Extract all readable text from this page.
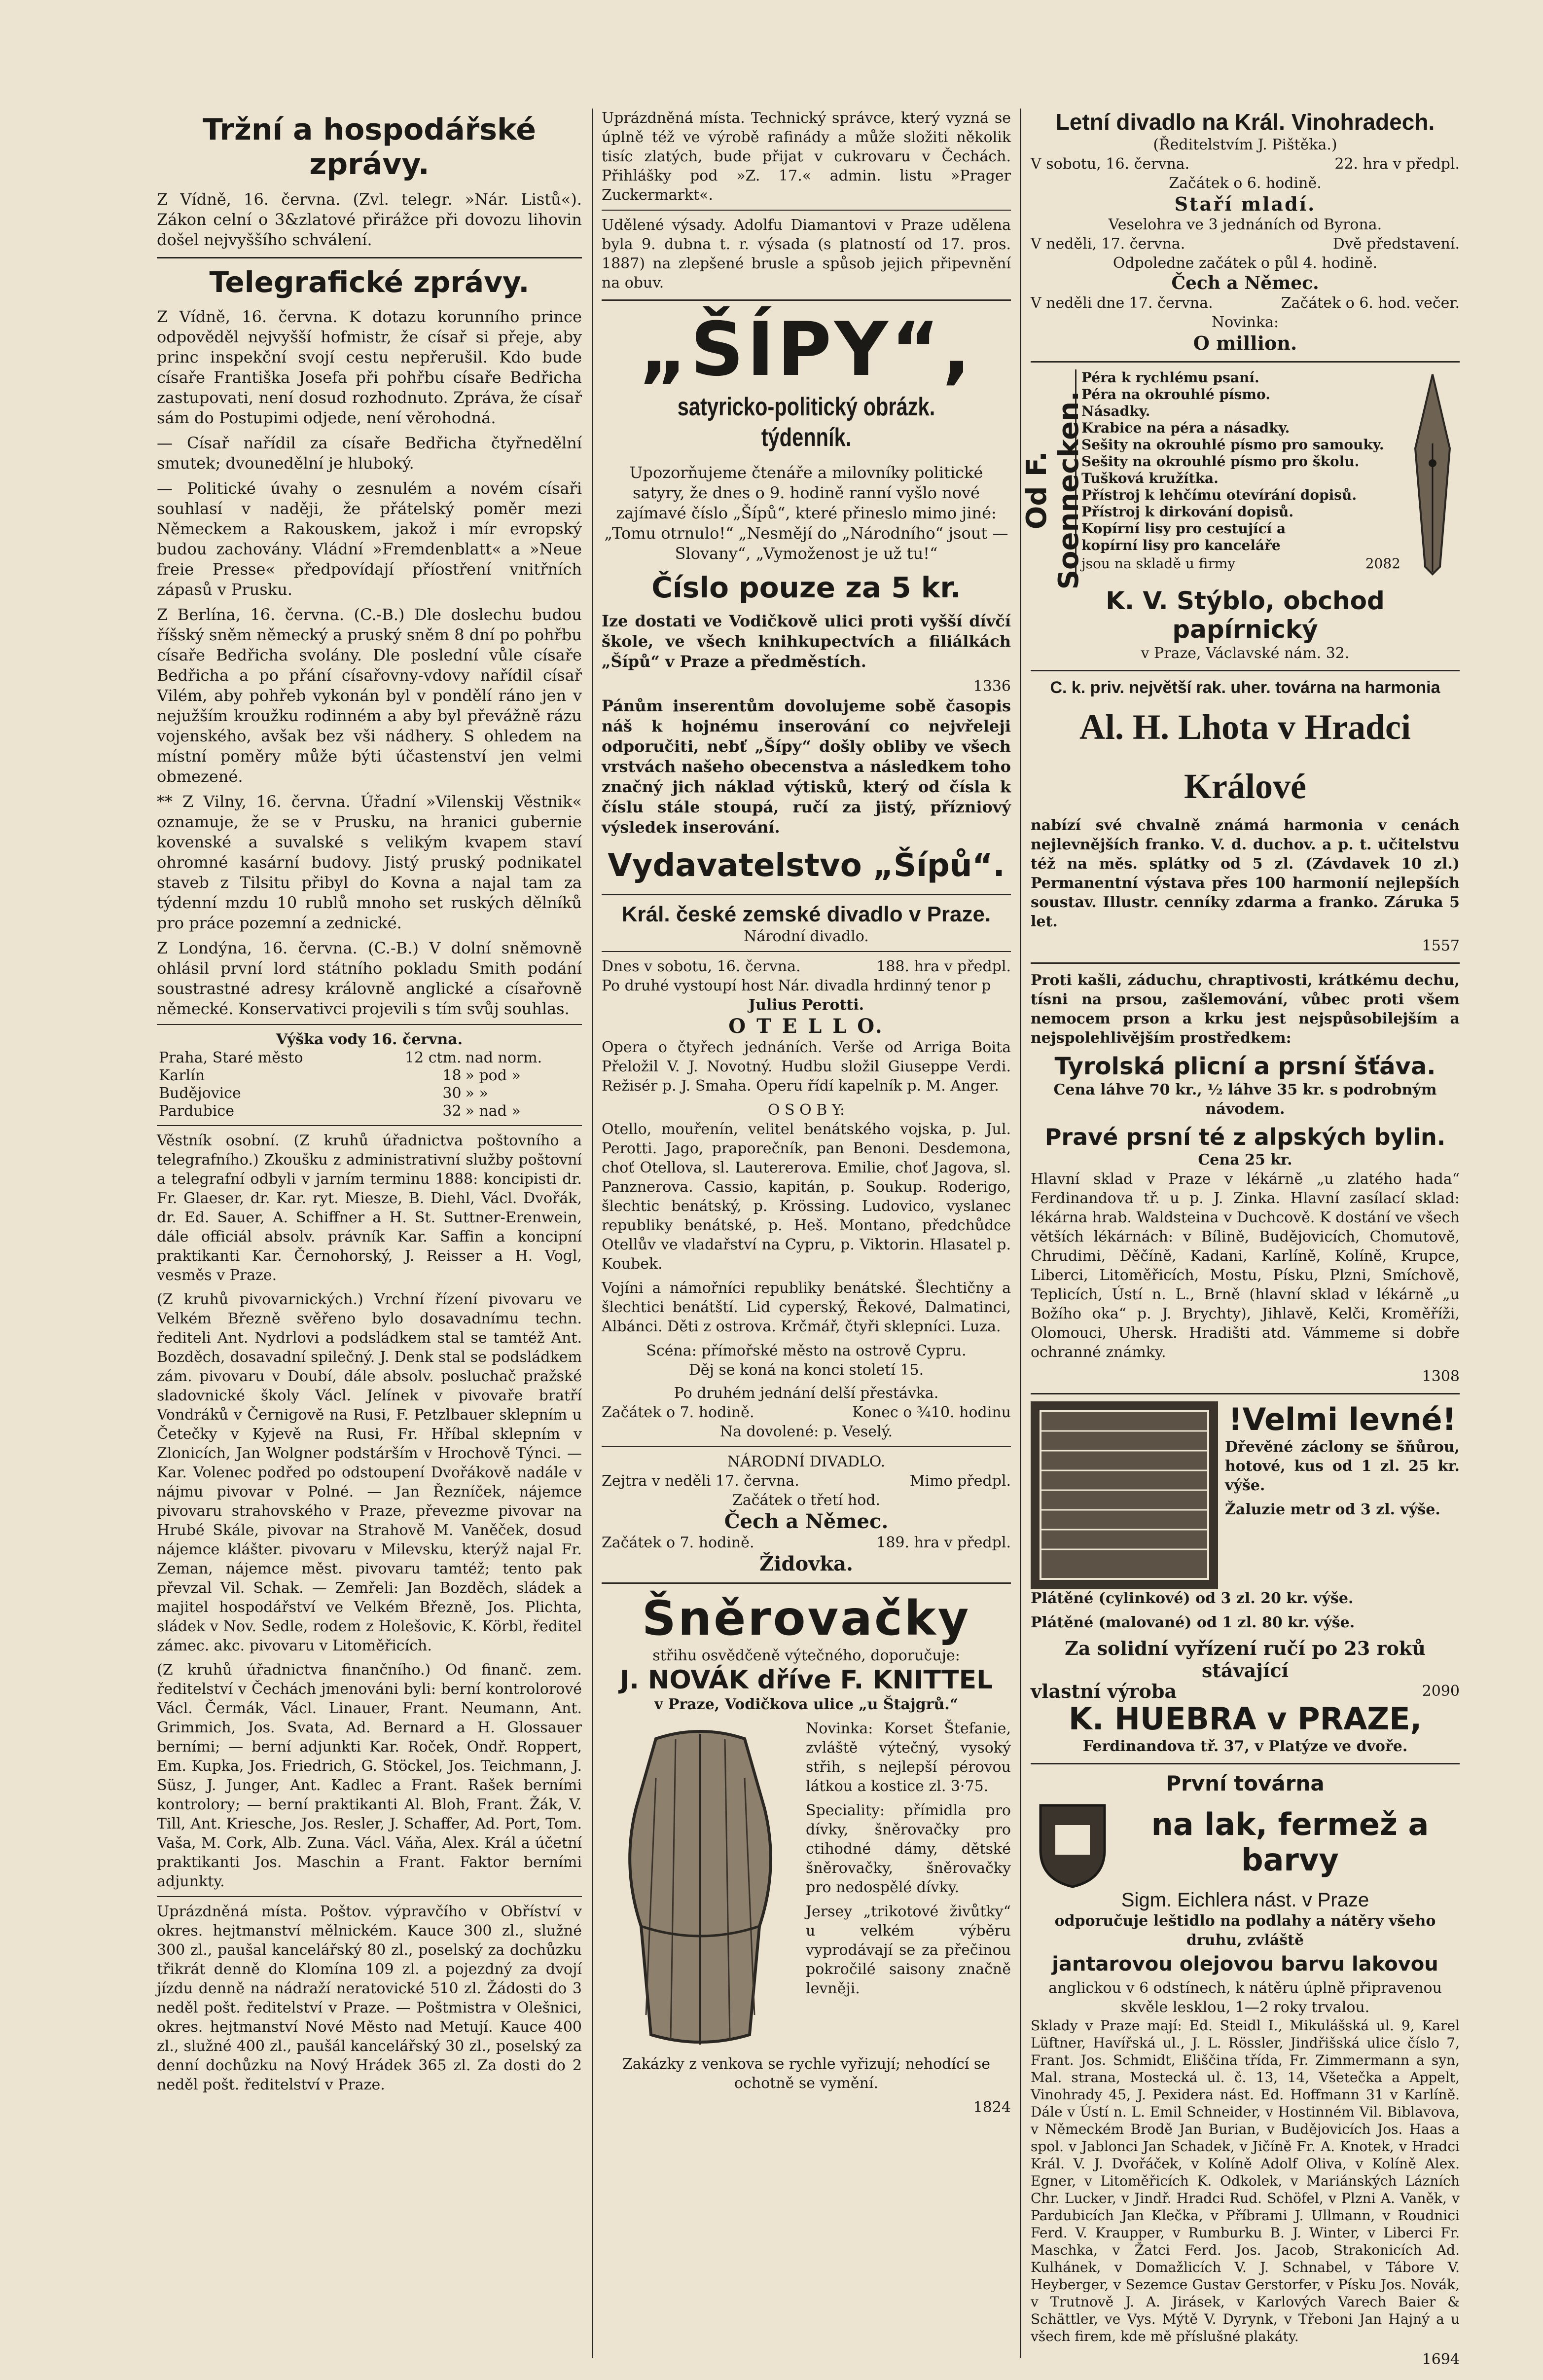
Tržní a hospodářské zprávy.

Z Vídně, 16. června. (Zvl. telegr. »Nár. Listů«). Zákon celní o 3&zlatové přirážce při dovozu lihovin došel nejvyššího schválení.

Telegrafické zprávy.

Z Vídně, 16. června. K dotazu korunního prince odpověděl nejvyšší hofmistr, že císař si přeje, aby princ inspekční svojí cestu nepřerušil. Kdo bude císaře Františka Josefa při pohřbu císaře Bedřicha zastupovati, není dosud rozhodnuto. Zpráva, že císař sám do Postupimi odjede, není věrohodná.

— Císař nařídil za císaře Bedřicha čtyřnedělní smutek; dvounedělní je hluboký.

— Politické úvahy o zesnulém a novém císaři souhlasí v naději, že přátelský poměr mezi Německem a Rakouskem, jakož i mír evropský budou zachovány. Vládní »Fremdenblatt« a »Neue freie Presse« předpovídají příostření vnitřních zápasů v Prusku.

Z Berlína, 16. června. (C.-B.) Dle doslechu budou říšský sněm německý a pruský sněm 8 dní po pohřbu císaře Bedřicha svolány. Dle poslední vůle císaře Bedřicha a po přání císařovny-vdovy nařídil císař Vilém, aby pohřeb vykonán byl v pondělí ráno jen v nejužším kroužku rodinném a aby byl převážně rázu vojenského, avšak bez vši nádhery. S ohledem na místní poměry může býti účastenství jen velmi obmezené.

** Z Vilny, 16. června. Úřadní »Vilenskij Věstnik« oznamuje, že se v Prusku, na hranici gubernie kovenské a suvalské s velikým kvapem staví ohromné kasární budovy. Jistý pruský podnikatel staveb z Tilsitu přibyl do Kovna a najal tam za týdenní mzdu 10 rublů mnoho set ruských dělníků pro práce pozemní a zednické.

Z Londýna, 16. června. (C.-B.) V dolní sněmovně ohlásil první lord státního pokladu Smith podání soustrastné adresy královně anglické a císařovně německé. Konservativci projevili s tím svůj souhlas.

Výška vody 16. června.
Praha, Staré město	12 ctm.	nad norm.
Karlín	18	» pod »
Budějovice	30	» »
Pardubice	32	» nad »

Věstník osobní. (Z kruhů úřadnictva poštovního a telegrafního.) Zkoušku z administrativní služby poštovní a telegrafní odbyli v jarním terminu 1888: koncipisti dr. Fr. Glaeser, dr. Kar. ryt. Miesze, B. Diehl, Václ. Dvořák, dr. Ed. Sauer, A. Schiffner a H. St. Suttner-Erenwein, dále officiál absolv. právník Kar. Saffin a koncipní praktikanti Kar. Černohorský, J. Reisser a H. Vogl, vesměs v Praze.

(Z kruhů pivovarnických.) Vrchní řízení pivovaru ve Velkém Březně svěřeno bylo dosavadnímu techn. řediteli Ant. Nydrlovi a podsládkem stal se tamtéž Ant. Bozděch, dosavadní spilečný. J. Denk stal se podsládkem zám. pivovaru v Doubí, dále absolv. posluchač pražské sladovnické školy Václ. Jelínek v pivovaře bratří Vondráků v Černigově na Rusi, F. Petzlbauer sklepním u Četečky v Kyjevě na Rusi, Fr. Hříbal sklepním v Zlonicích, Jan Wolgner podstárším v Hrochově Týnci. — Kar. Volenec podřed po odstoupení Dvořákově nadále v nájmu pivovar v Polné. — Jan Řezníček, nájemce pivovaru strahovského v Praze, převezme pivovar na Hrubé Skále, pivovar na Strahově M. Vaněček, dosud nájemce klášter. pivovaru v Milevsku, kterýž najal Fr. Zeman, nájemce měst. pivovaru tamtéž; tento pak převzal Vil. Schak. — Zemřeli: Jan Bozděch, sládek a majitel hospodářství ve Velkém Březně, Jos. Plichta, sládek v Nov. Sedle, rodem z Holešovic, K. Körbl, ředitel zámec. akc. pivovaru v Litoměřicích.

(Z kruhů úřadnictva finančního.) Od finanč. zem. ředitelství v Čechách jmenováni byli: berní kontrolorové Václ. Čermák, Václ. Linauer, Frant. Neumann, Ant. Grimmich, Jos. Svata, Ad. Bernard a H. Glossauer berními; — berní adjunkti Kar. Roček, Ondř. Roppert, Em. Kupka, Jos. Friedrich, G. Stöckel, Jos. Teichmann, J. Süsz, J. Junger, Ant. Kadlec a Frant. Rašek berními kontrolory; — berní praktikanti Al. Bloh, Frant. Žák, V. Till, Ant. Kriesche, Jos. Resler, J. Schaffer, Ad. Port, Tom. Vaša, M. Cork, Alb. Zuna. Václ. Váňa, Alex. Král a účetní praktikanti Jos. Maschin a Frant. Faktor berními adjunkty.

Uprázdněná místa. Poštov. výpravčího v Obříství v okres. hejtmanství mělnickém. Kauce 300 zl., služné 300 zl., paušal kancelářský 80 zl., poselský za dochůzku třikrát denně do Klomína 109 zl. a pojezdný za dvojí jízdu denně na nádraží neratovické 510 zl. Žádosti do 3 neděl pošt. ředitelství v Praze. — Poštmistra v Olešnici, okres. hejtmanství Nové Město nad Metují. Kauce 400 zl., služné 400 zl., paušál kancelářský 30 zl., poselský za denní dochůzku na Nový Hrádek 365 zl. Za dosti do 2 neděl pošt. ředitelství v Praze.

Uprázdněná místa. Technický správce, který vyzná se úplně též ve výrobě rafinády a může složiti několik tisíc zlatých, bude přijat v cukrovaru v Čechách. Přihlášky pod »Z. 17.« admin. listu »Prager Zuckermarkt«.

Udělené výsady. Adolfu Diamantovi v Praze udělena byla 9. dubna t. r. výsada (s platností od 17. pros. 1887) na zlepšené brusle a spůsob jejich připevnění na obuv.

„ŠÍPY“,
satyricko-politický obrázk. týdenník.

Upozorňujeme čtenáře a milovníky politické satyry, že dnes o 9. hodině ranní vyšlo nové zajímavé číslo „Šípů“, které přineslo mimo jiné: „Tomu otrnulo!“ „Nesmějí do „Národního“ jsout — Slovany“, „Vymoženost je už tu!“

Číslo pouze za 5 kr.

Ize dostati ve Vodičkově ulici proti vyšší dívčí škole, ve všech knihkupectvích a filiálkách „Šípů“ v Praze a předměstích.

1336

Pánům inserentům dovolujeme sobě časopis náš k hojnému inserování co nejvřeleji odporučiti, nebť „Šípy“ došly obliby ve všech vrstvách našeho obecenstva a následkem toho značný jich náklad výtisků, který od čísla k číslu stále stoupá, ručí za jistý, přízniový výsledek inserování.

Vydavatelstvo „Šípů“.
Král. české zemské divadlo v Praze.
Národní divadlo.
Dnes v sobotu, 16. června.	188. hra v předpl.
Po druhé vystoupí host Nár. divadla hrdinný tenor p
Julius Perotti.
O T E L L O.

Opera o čtyřech jednáních. Verše od Arriga Boita Přeložil V. J. Novotný. Hudbu složil Giuseppe Verdi. Režisér p. J. Smaha. Operu řídí kapelník p. M. Anger.

O S O B Y:

Otello, mouřenín, velitel benátského vojska, p. Jul. Perotti. Jago, praporečník, pan Benoni. Desdemona, choť Otellova, sl. Lautererova. Emilie, choť Jagova, sl. Panznerova. Cassio, kapitán, p. Soukup. Roderigo, šlechtic benátský, p. Krössing. Ludovico, vyslanec republiky benátské, p. Heš. Montano, předchůdce Otellův ve vladařství na Cypru, p. Viktorin. Hlasatel p. Koubek.

Vojíni a námořníci republiky benátské. Šlechtičny a šlechtici benátští. Lid cyperský, Řekové, Dalmatinci, Albánci. Děti z ostrova. Krčmář, čtyři sklepníci. Luza.

Scéna: přímořské město na ostrově Cypru.
Děj se koná na konci století 15.
Po druhém jednání delší přestávka.
Začátek o 7. hodině.	Konec o ¾10. hodinu
Na dovolené: p. Veselý.
NÁRODNÍ DIVADLO.
Zejtra v neděli 17. června.	Mimo předpl.
Začátek o třetí hod.
Čech a Němec.
Začátek o 7. hodině.	189. hra v předpl.
Židovka.
Šněrovačky
střihu osvědčeně výtečného, doporučuje:
J. NOVÁK dříve F. KNITTEL
v Praze, Vodičkova ulice „u Štajgrů.“

Novinka: Korset Štefanie, zvláště výtečný, vysoký střih, s nejlepší pérovou látkou a kostice zl. 3·75.

Speciality: přímidla pro dívky, šněrovačky pro ctihodné dámy, dětské šněrovačky, šněrovačky pro nedospělé dívky.

Jersey „trikotové živůtky“ u velkém výběru vyprodávají se za přečinou pokročilé saisony značně levněji.

Zakázky z venkova se rychle vyřizují; nehodící se ochotně se vymění.

1824
Letní divadlo na Král. Vinohradech.
(Ředitelstvím J. Pištěka.)
V sobotu, 16. června.	22. hra v předpl.
Začátek o 6. hodině.
Staří mladí.
Veselohra ve 3 jednáních od Byrona.
V neděli, 17. června.	Dvě představení.
Odpoledne začátek o půl 4. hodině.
Čech a Němec.
V neděli dne 17. června.	Začátek o 6. hod. večer.
Novinka:
O million.
Od F. Soennecken.
Péra k rychlému psaní.
Péra na okrouhlé písmo.
Násadky.
Krabice na péra a násadky.
Sešity na okrouhlé písmo pro samouky.
Sešity na okrouhlé písmo pro školu.
Tušková kružítka.
Přístroj k lehčímu otevírání dopisů.
Přístroj k dirkování dopisů.
Kopírní lisy pro cestující a
kopírní lisy pro kanceláře
jsou na skladě u firmy	2082
K. V. Stýblo, obchod papírnický
v Praze, Václavské nám. 32.
C. k. priv. největší rak. uher. továrna na harmonia
Al. H. Lhota v Hradci Králové

nabízí své chvalně známá harmonia v cenách nejlevnějších franko. V. d. duchov. a p. t. učitelstvu též na měs. splátky od 5 zl. (Závdavek 10 zl.) Permanentní výstava přes 100 harmonií nejlepších soustav. Illustr. cenníky zdarma a franko. Záruka 5 let.

1557

Proti kašli, záduchu, chraptivosti, krátkému dechu, tísni na prsou, zašlemování, vůbec proti všem nemocem prson a krku jest nejspůsobilejším a nejspolehlivějším prostředkem:

Tyrolská plicní a prsní šťáva.
Cena láhve 70 kr., ½ láhve 35 kr. s podrobným návodem.
Pravé prsní té z alpských bylin.
Cena 25 kr.

Hlavní sklad v Praze v lékárně „u zlatého hada“ Ferdinandova tř. u p. J. Zinka. Hlavní zasílací sklad: lékárna hrab. Waldsteina v Duchcově. K dostání ve všech větších lékárnách: v Bílině, Budějovicích, Chomutově, Chrudimi, Děčíně, Kadani, Karlíně, Kolíně, Krupce, Liberci, Litoměřicích, Mostu, Písku, Plzni, Smíchově, Teplicích, Ústí n. L., Brně (hlavní sklad v lékárně „u Božího oka“ p. J. Brychty), Jihlavě, Kelči, Kroměříži, Olomouci, Uhersk. Hradišti atd. Vámmeme si dobře ochranné známky.

1308
!Velmi levné!

Dřevěné záclony se šňůrou, hotové, kus od 1 zl. 25 kr. výše.

Žaluzie metr od 3 zl. výše.

Plátěné (cylinkové) od 3 zl. 20 kr. výše.

Plátěné (malované) od 1 zl. 80 kr. výše.

Za solidní vyřízení ručí po 23 roků stávající
vlastní výroba	2090
K. HUEBRA v PRAZE,
Ferdinandova tř. 37, v Platýze ve dvoře.
První továrna
na lak, fermež a barvy
Sigm. Eichlera nást. v Praze
odporučuje leštidlo na podlahy a nátěry všeho druhu, zvláště
jantarovou olejovou barvu lakovou
anglickou v 6 odstínech, k nátěru úplně připravenou skvěle lesklou, 1—2 roky trvalou.

Sklady v Praze mají: Ed. Steidl I., Mikulášská ul. 9, Karel Lüftner, Havířská ul., J. L. Rössler, Jindřišská ulice číslo 7, Frant. Jos. Schmidt, Eliščina třída, Fr. Zimmermann a syn, Mal. strana, Mostecká ul. č. 13, 14, Všetečka a Appelt, Vinohrady 45, J. Pexidera nást. Ed. Hoffmann 31 v Karlíně. Dále v Ústí n. L. Emil Schneider, v Hostinném Vil. Biblavova, v Německém Brodě Jan Burian, v Budějovicích Jos. Haas a spol. v Jablonci Jan Schadek, v Jičíně Fr. A. Knotek, v Hradci Král. V. J. Dvořáček, v Kolíně Adolf Oliva, v Kolíně Alex. Egner, v Litoměřicích K. Odkolek, v Mariánských Lázních Chr. Lucker, v Jindř. Hradci Rud. Schöfel, v Plzni A. Vaněk, v Pardubicích Jan Klečka, v Příbrami J. Ullmann, v Roudnici Ferd. V. Kraupper, v Rumburku B. J. Winter, v Liberci Fr. Maschka, v Žatci Ferd. Jos. Jacob, Strakonicích Ad. Kulhánek, v Domažlicích V. J. Schnabel, v Tábore V. Heyberger, v Sezemce Gustav Gerstorfer, v Písku Jos. Novák, v Trutnově J. A. Jirásek, v Karlových Varech Baier & Schättler, ve Vys. Mýtě V. Dyrynk, v Třeboni Jan Hajný a u všech firem, kde mě příslušné plakáty.

1694
